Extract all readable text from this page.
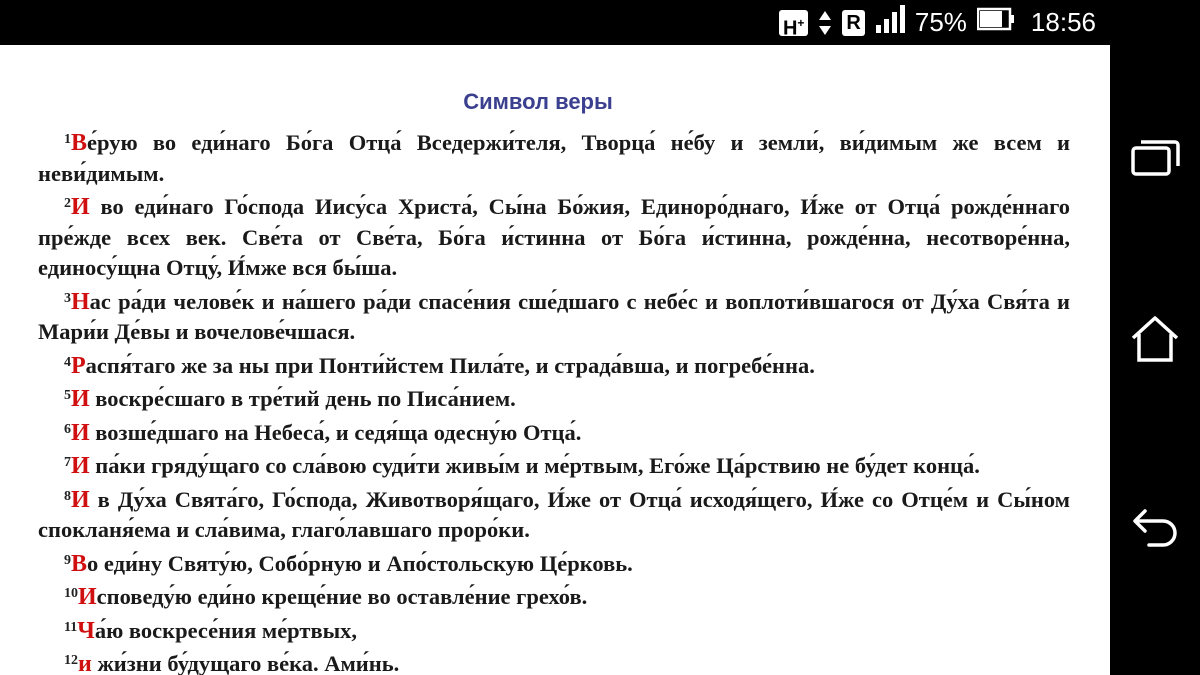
H+ R 75% 18:56
Символ веры

$^1$Ве́рую во еди́наго Бо́га Отца́ Вседержи́теля, Творца́ не́бу и земли́, ви́димым же всем и неви́димым.

$^2$И во еди́наго Го́спода Иису́са Христа́, Сы́на Бо́жия, Единоро́днаго, И́же от Отца́ рожде́ннаго пре́жде всех век. Све́та от Све́та, Бо́га и́стинна от Бо́га и́стинна, рожде́нна, несотворе́нна, единосу́щна Отцу́, И́мже вся бы́ша.

$^3$Нас ра́ди челове́к и на́шего ра́ди спасе́ния сше́дшаго с небе́с и воплоти́вшагося от Ду́ха Свя́та и Мари́и Де́вы и вочелове́чшася.

$^4$Распя́таго же за ны при Понти́йстем Пила́те, и страда́вша, и погребе́нна.

$^5$И воскре́сшаго в тре́тий день по Писа́нием.

$^6$И возше́дшаго на Небеса́, и седя́ща одесну́ю Отца́.

$^7$И па́ки гряду́щаго со сла́вою суди́ти живы́м и ме́ртвым, Его́же Ца́рствию не бу́дет конца́.

$^8$И в Ду́ха Свята́го, Го́спода, Животворя́щаго, И́же от Отца́ исходя́щего, И́же со Отце́м и Сы́ном спокланя́ема и сла́вима, глаго́лавшаго проро́ки.

$^9$Во еди́ну Святу́ю, Собо́рную и Апо́стольскую Це́рковь.

$^{10}$Исповеду́ю еди́но креще́ние во оставле́ние грехо́в.

$^{11}$Ча́ю воскресе́ния ме́ртвых,

$^{12}$и жи́зни бу́дущаго ве́ка. Ами́нь.
